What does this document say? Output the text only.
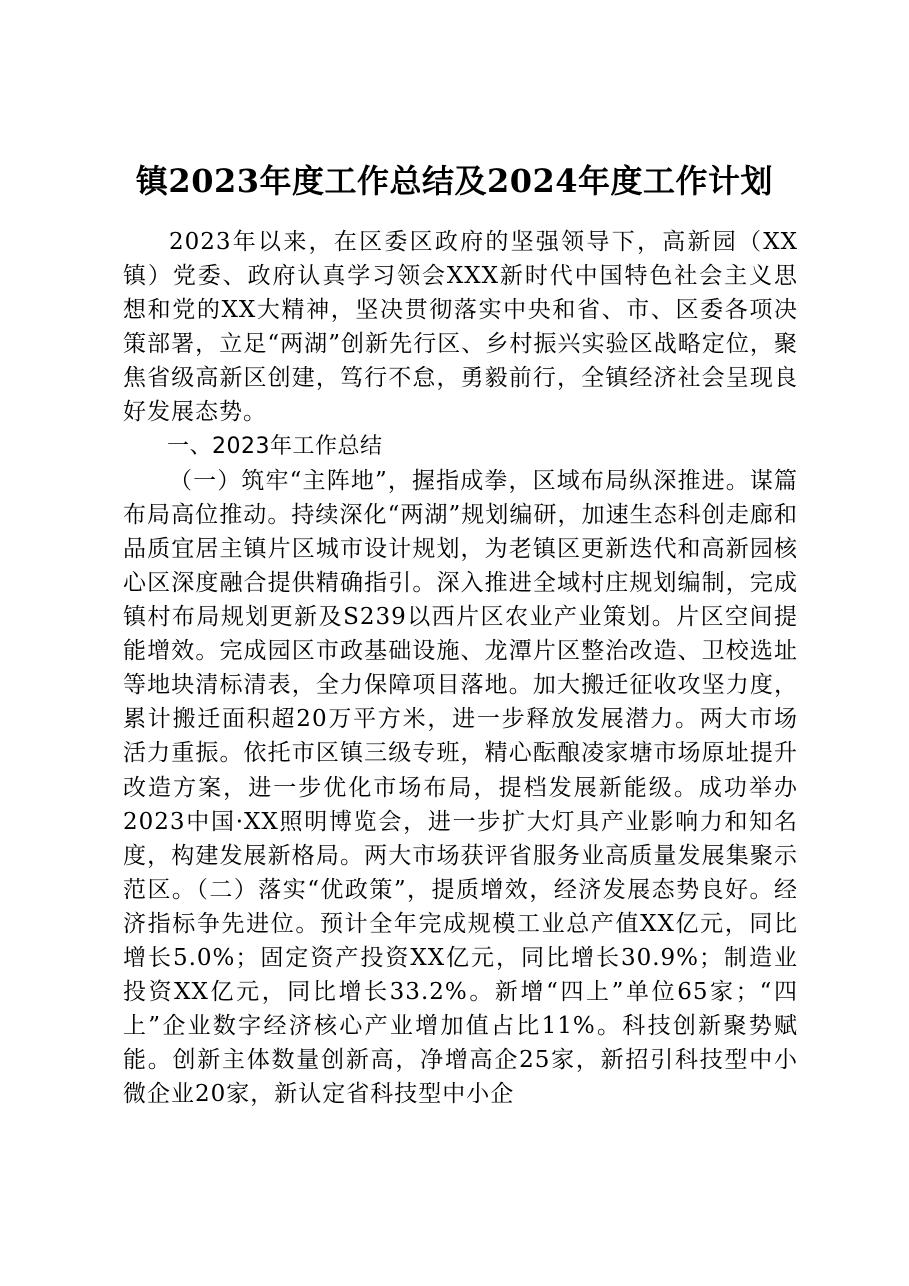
镇2023年度工作总结及2024年度工作计划

2023年以来，在区委区政府的坚强领导下，高新园（XX镇）党委、政府认真学习领会XXX新时代中国特色社会主义思想和党的XX大精神，坚决贯彻落实中央和省、市、区委各项决策部署，立足“两湖”创新先行区、乡村振兴实验区战略定位，聚焦省级高新区创建，笃行不怠，勇毅前行，全镇经济社会呈现良好发展态势。

一、2023年工作总结

（一）筑牢“主阵地”，握指成拳，区域布局纵深推进。谋篇布局高位推动。持续深化“两湖”规划编研，加速生态科创走廊和品质宜居主镇片区城市设计规划，为老镇区更新迭代和高新园核心区深度融合提供精确指引。深入推进全域村庄规划编制，完成镇村布局规划更新及S239以西片区农业产业策划。片区空间提能增效。完成园区市政基础设施、龙潭片区整治改造、卫校选址等地块清标清表，全力保障项目落地。加大搬迁征收攻坚力度，累计搬迁面积超20万平方米，进一步释放发展潜力。两大市场活力重振。依托市区镇三级专班，精心酝酿凌家塘市场原址提升改造方案，进一步优化市场布局，提档发展新能级。成功举办2023中国·XX照明博览会，进一步扩大灯具产业影响力和知名度，构建发展新格局。两大市场获评省服务业高质量发展集聚示范区。（二）落实“优政策”，提质增效，经济发展态势良好。经济指标争先进位。预计全年完成规模工业总产值XX亿元，同比增长5.0%；固定资产投资XX亿元，同比增长30.9%；制造业投资XX亿元，同比增长33.2%。新增“四上”单位65家；“四上”企业数字经济核心产业增加值占比11%。科技创新聚势赋能。创新主体数量创新高，净增高企25家，新招引科技型中小微企业20家，新认定省科技型中小企
